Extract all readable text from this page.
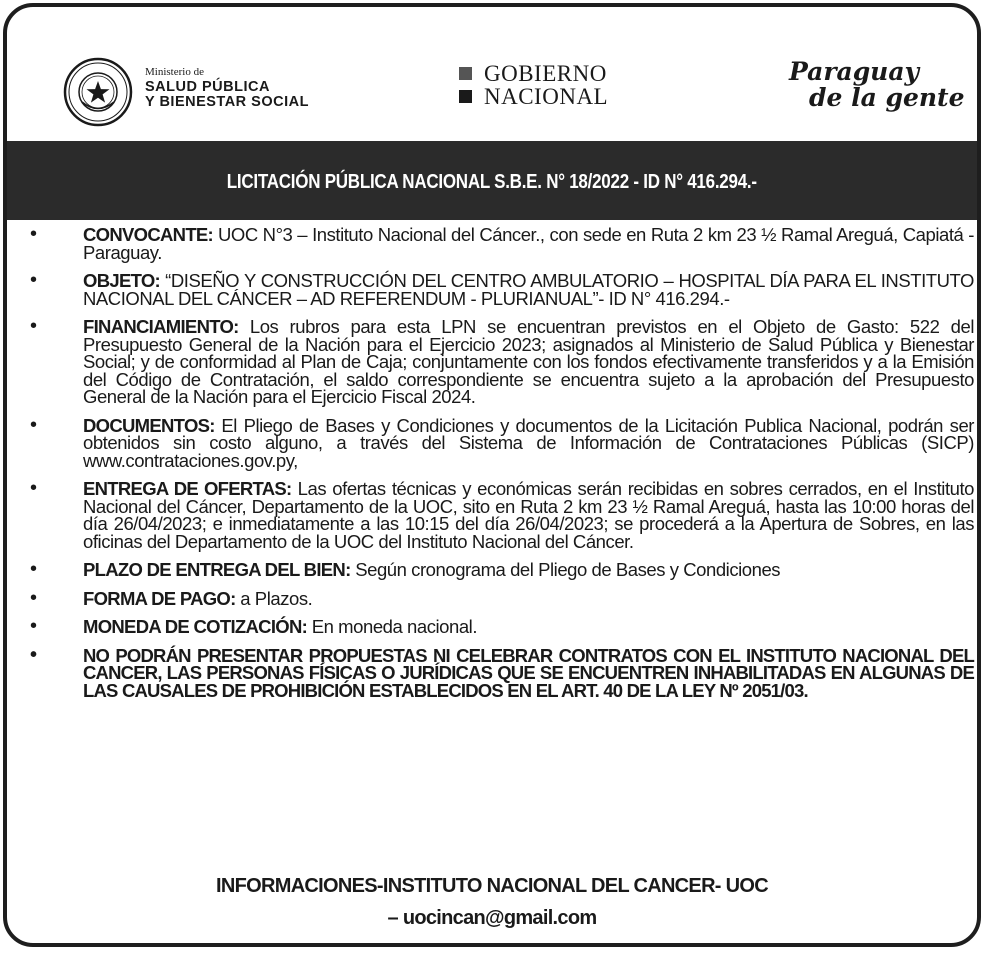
Ministerio de
SALUD PÚBLICA
Y BIENESTAR SOCIAL
GOBIERNO
NACIONAL
Paraguay
de la gente
LICITACIÓN PÚBLICA NACIONAL S.B.E. N° 18/2022 - ID N° 416.294.-
•	CONVOCANTE: UOC N°3 – Instituto Nacional del Cáncer., con sede en Ruta 2 km 23 ½ Ramal Areguá, Capiatá - Paraguay.
•	OBJETO: “DISEÑO Y CONSTRUCCIÓN DEL CENTRO AMBULATORIO – HOSPITAL DÍA PARA EL INSTITUTO NACIONAL DEL CÁNCER – AD REFERENDUM - PLURIANUAL”- ID N° 416.294.-
•	FINANCIAMIENTO: Los rubros para esta LPN se encuentran previstos en el Objeto de Gasto: 522 del Presupuesto General de la Nación para el Ejercicio 2023; asignados al Ministerio de Salud Pública y Bienestar Social; y de conformidad al Plan de Caja; conjuntamente con los fondos efectivamente transferidos y a la Emisión del Código de Contratación, el saldo correspondiente se encuentra sujeto a la aprobación del Presupuesto General de la Nación para el Ejercicio Fiscal 2024.
•	DOCUMENTOS: El Pliego de Bases y Condiciones y documentos de la Licitación Publica Nacional, podrán ser obtenidos sin costo alguno, a través del Sistema de Información de Contrataciones Públicas (SICP) www.contrataciones.gov.py,
•	ENTREGA DE OFERTAS: Las ofertas técnicas y económicas serán recibidas en sobres cerrados, en el Instituto Nacional del Cáncer, Departamento de la UOC, sito en Ruta 2 km 23 ½ Ramal Areguá, hasta las 10:00 horas del día 26/04/2023; e inmediatamente a las 10:15 del día 26/04/2023; se procederá a la Apertura de Sobres, en las oficinas del Departamento de la UOC del Instituto Nacional del Cáncer.
•	PLAZO DE ENTREGA DEL BIEN: Según cronograma del Pliego de Bases y Condiciones
•	FORMA DE PAGO: a Plazos.
•	MONEDA DE COTIZACIÓN: En moneda nacional.
•	NO PODRÁN PRESENTAR PROPUESTAS NI CELEBRAR CONTRATOS CON EL INSTITUTO NACIONAL DEL CANCER, LAS PERSONAS FÍSICAS O JURÍDICAS QUE SE ENCUENTREN INHABILITADAS EN ALGUNAS DE LAS CAUSALES DE PROHIBICIÓN ESTABLECIDOS EN EL ART. 40 DE LA LEY Nº 2051/03.
INFORMACIONES-INSTITUTO NACIONAL DEL CANCER- UOC
– uocincan@gmail.com
